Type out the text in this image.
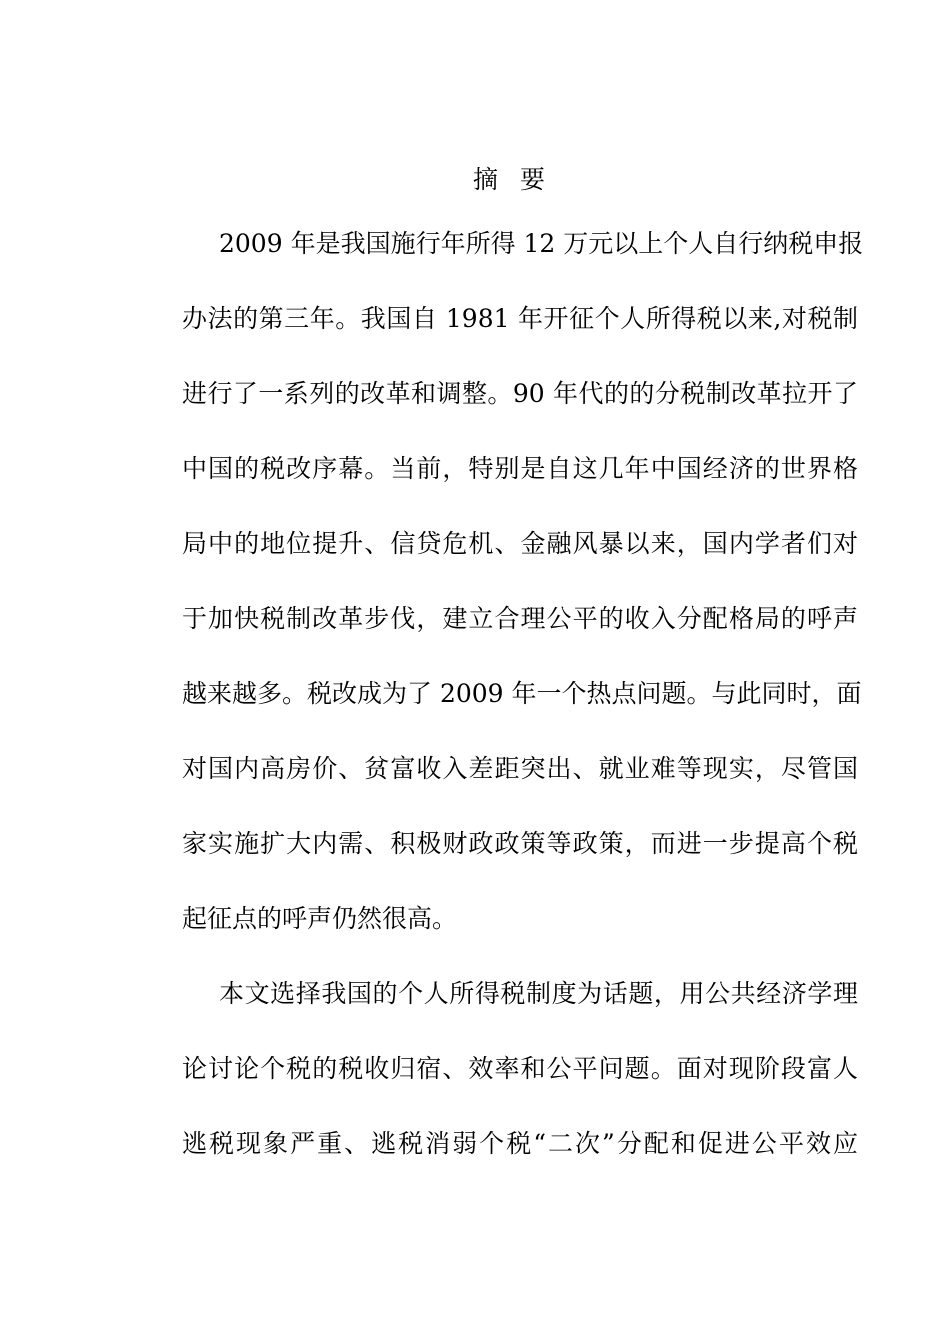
摘要
2009 年是我国施行年所得 12 万元以上个人自行纳税申报
办法的第三年。我国自 1981 年开征个人所得税以来,对税制
进行了一系列的改革和调整。90 年代的的分税制改革拉开了
中国的税改序幕。当前，特别是自这几年中国经济的世界格
局中的地位提升、信贷危机、金融风暴以来，国内学者们对
于加快税制改革步伐，建立合理公平的收入分配格局的呼声
越来越多。税改成为了 2009 年一个热点问题。与此同时，面
对国内高房价、贫富收入差距突出、就业难等现实，尽管国
家实施扩大内需、积极财政政策等政策，而进一步提高个税
起征点的呼声仍然很高。
本文选择我国的个人所得税制度为话题，用公共经济学理
论讨论个税的税收归宿、效率和公平问题。面对现阶段富人
逃税现象严重、逃税消弱个税“二次”分配和促进公平效应
